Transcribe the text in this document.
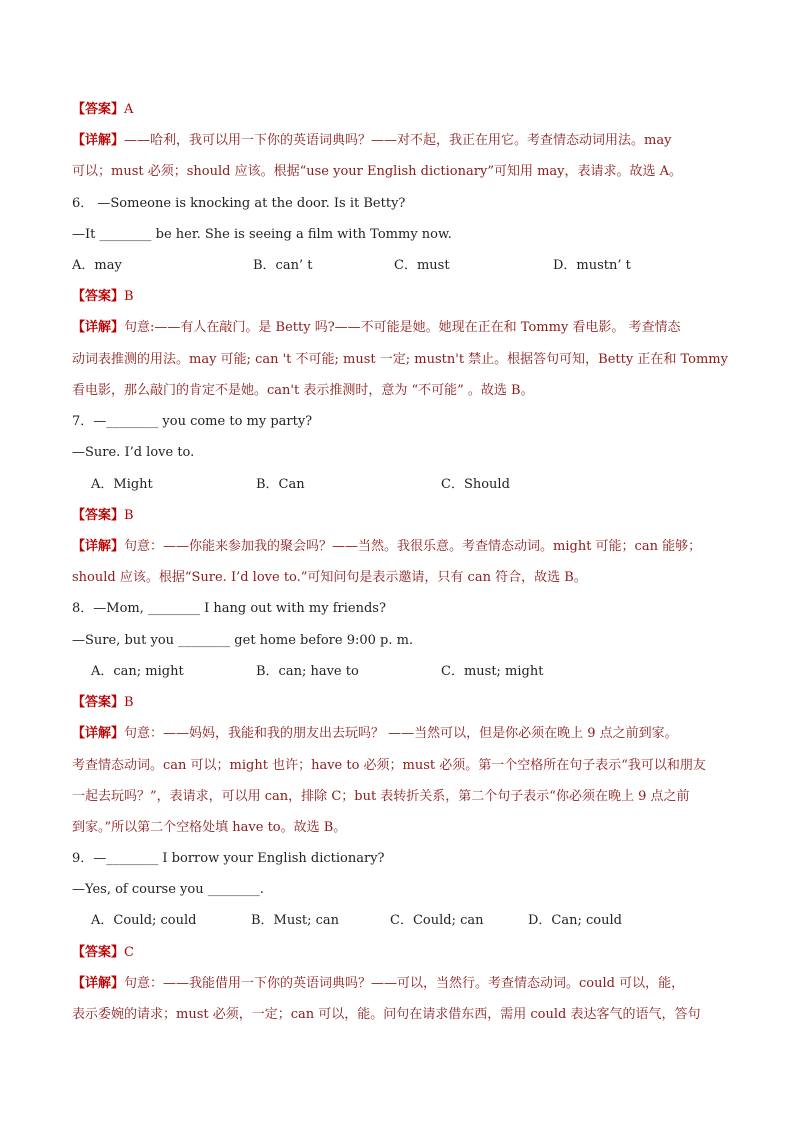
【答案】A
【详解】——哈利，我可以用一下你的英语词典吗？——对不起，我正在用它。考查情态动词用法。may
可以；must 必须；should 应该。根据“use your English dictionary”可知用 may，表请求。故选 A。
6． —Someone is knocking at the door. Is it Betty?
—It ________ be her. She is seeing a film with Tommy now.
A．may	B．can’ t	C．must	D．mustn’ t
【答案】B
【详解】句意:——有人在敲门。是 Betty 吗?——不可能是她。她现在正在和 Tommy 看电影。 考查情态
动词表推测的用法。may 可能; can 't 不可能; must 一定; mustn't 禁止。根据答句可知，Betty 正在和 Tommy
看电影，那么敲门的肯定不是她。can't 表示推测时，意为 “不可能” 。故选 B。
7．—________ you come to my party?
—Sure. I’d love to.
A．Might	B．Can	C．Should
【答案】B
【详解】句意：——你能来参加我的聚会吗？——当然。我很乐意。考查情态动词。might 可能；can 能够；
should 应该。根据“Sure. I’d love to.”可知问句是表示邀请，只有 can 符合，故选 B。
8．—Mom, ________ I hang out with my friends?
—Sure, but you ________ get home before 9:00 p. m.
A．can; might	B．can; have to	C．must; might
【答案】B
【详解】句意：——妈妈，我能和我的朋友出去玩吗？ ——当然可以，但是你必须在晚上 9 点之前到家。
考查情态动词。can 可以；might 也许；have to 必须；must 必须。第一个空格所在句子表示“我可以和朋友
一起去玩吗？”，表请求，可以用 can，排除 C；but 表转折关系，第二个句子表示“你必须在晚上 9 点之前
到家。”所以第二个空格处填 have to。故选 B。
9．—________ I borrow your English dictionary?
—Yes, of course you ________.
A．Could; could	B．Must; can	C．Could; can	D．Can; could
【答案】C
【详解】句意：——我能借用一下你的英语词典吗？——可以，当然行。考查情态动词。could 可以，能，
表示委婉的请求；must 必须，一定；can 可以，能。问句在请求借东西，需用 could 表达客气的语气，答句
